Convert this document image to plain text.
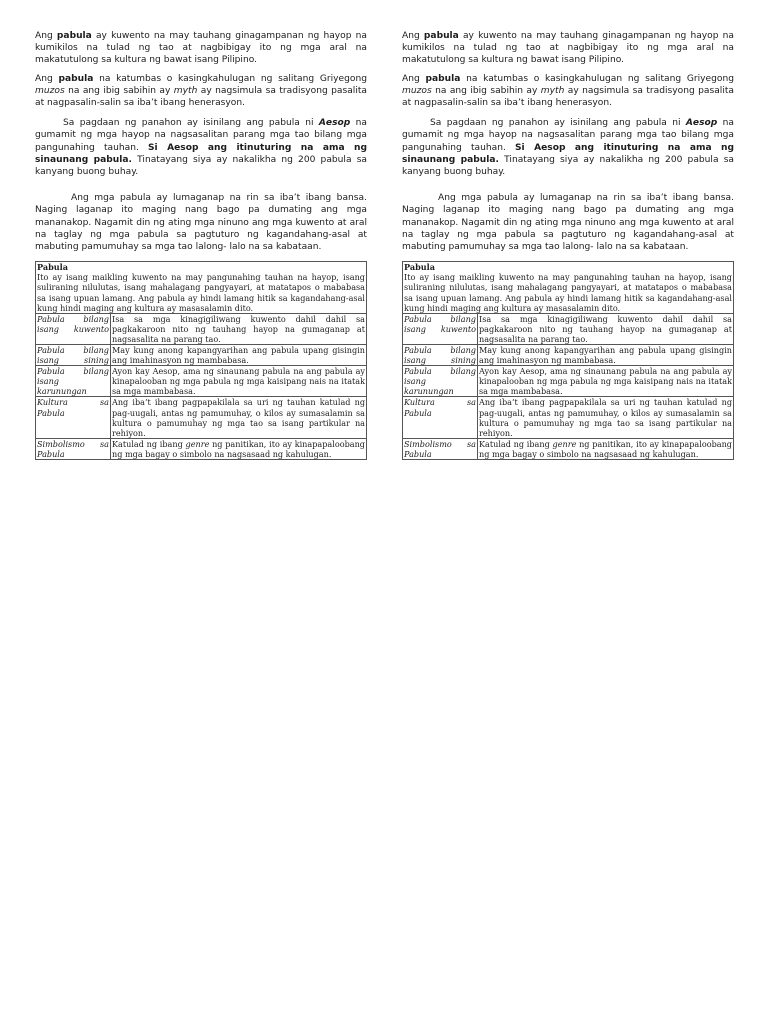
Ang pabula ay kuwento na may tauhang ginagampanan ng hayop na kumikilos na tulad ng tao at nagbibigay ito ng mga aral na makatutulong sa kultura ng bawat isang Pilipino.

Ang pabula na katumbas o kasingkahulugan ng salitang Griyegong muzos na ang ibig sabihin ay myth ay nagsimula sa tradisyong pasalita at nagpasalin-salin sa iba’t ibang henerasyon.

Sa pagdaan ng panahon ay isinilang ang pabula ni Aesop na gumamit ng mga hayop na nagsasalitan parang mga tao bilang mga pangunahing tauhan. Si Aesop ang itinuturing na ama ng sinaunang pabula. Tinatayang siya ay nakalikha ng 200 pabula sa kanyang buong buhay.

Ang mga pabula ay lumaganap na rin sa iba’t ibang bansa. Naging laganap ito maging nang bago pa dumating ang mga mananakop. Nagamit din ng ating mga ninuno ang mga kuwento at aral na taglay ng mga pabula sa pagtuturo ng kagandahang-asal at mabuting pamumuhay sa mga tao lalong- lalo na sa kabataan.

Pabula
Ito ay isang maikling kuwento na may pangunahing tauhan na hayop, isang suliraning nilulutas, isang mahalagang pangyayari, at matatapos o mababasa sa isang upuan lamang. Ang pabula ay hindi lamang hitik sa kagandahang-asal kung hindi maging ang kultura ay masasalamin dito.	
Pabula bilang isang kuwento	Isa sa mga kinagigiliwang kuwento dahil dahil sa pagkakaroon nito ng tauhang hayop na gumaganap at nagsasalita na parang tao.
Pabula bilang isang sining	May kung anong kapangyarihan ang pabula upang gisingin ang imahinasyon ng mambabasa.
Pabula bilang isang karunungan	Ayon kay Aesop, ama ng sinaunang pabula na ang pabula ay kinapalooban ng mga pabula ng mga kaisipang nais na itatak sa mga mambabasa.
Kultura sa Pabula	Ang iba’t ibang pagpapakilala sa uri ng tauhan katulad ng pag-uugali, antas ng pamumuhay, o kilos ay sumasalamin sa kultura o pamumuhay ng mga tao sa isang partikular na rehiyon.
Simbolismo sa Pabula	Katulad ng ibang genre ng panitikan, ito ay kinapapaloobang ng mga bagay o simbolo na nagsasaad ng kahulugan.

Ang pabula ay kuwento na may tauhang ginagampanan ng hayop na kumikilos na tulad ng tao at nagbibigay ito ng mga aral na makatutulong sa kultura ng bawat isang Pilipino.

Ang pabula na katumbas o kasingkahulugan ng salitang Griyegong muzos na ang ibig sabihin ay myth ay nagsimula sa tradisyong pasalita at nagpasalin-salin sa iba’t ibang henerasyon.

Sa pagdaan ng panahon ay isinilang ang pabula ni Aesop na gumamit ng mga hayop na nagsasalitan parang mga tao bilang mga pangunahing tauhan. Si Aesop ang itinuturing na ama ng sinaunang pabula. Tinatayang siya ay nakalikha ng 200 pabula sa kanyang buong buhay.

Ang mga pabula ay lumaganap na rin sa iba’t ibang bansa. Naging laganap ito maging nang bago pa dumating ang mga mananakop. Nagamit din ng ating mga ninuno ang mga kuwento at aral na taglay ng mga pabula sa pagtuturo ng kagandahang-asal at mabuting pamumuhay sa mga tao lalong- lalo na sa kabataan.

Pabula
Ito ay isang maikling kuwento na may pangunahing tauhan na hayop, isang suliraning nilulutas, isang mahalagang pangyayari, at matatapos o mababasa sa isang upuan lamang. Ang pabula ay hindi lamang hitik sa kagandahang-asal kung hindi maging ang kultura ay masasalamin dito.	
Pabula bilang isang kuwento	Isa sa mga kinagigiliwang kuwento dahil dahil sa pagkakaroon nito ng tauhang hayop na gumaganap at nagsasalita na parang tao.
Pabula bilang isang sining	May kung anong kapangyarihan ang pabula upang gisingin ang imahinasyon ng mambabasa.
Pabula bilang isang karunungan	Ayon kay Aesop, ama ng sinaunang pabula na ang pabula ay kinapalooban ng mga pabula ng mga kaisipang nais na itatak sa mga mambabasa.
Kultura sa Pabula	Ang iba’t ibang pagpapakilala sa uri ng tauhan katulad ng pag-uugali, antas ng pamumuhay, o kilos ay sumasalamin sa kultura o pamumuhay ng mga tao sa isang partikular na rehiyon.
Simbolismo sa Pabula	Katulad ng ibang genre ng panitikan, ito ay kinapapaloobang ng mga bagay o simbolo na nagsasaad ng kahulugan.
